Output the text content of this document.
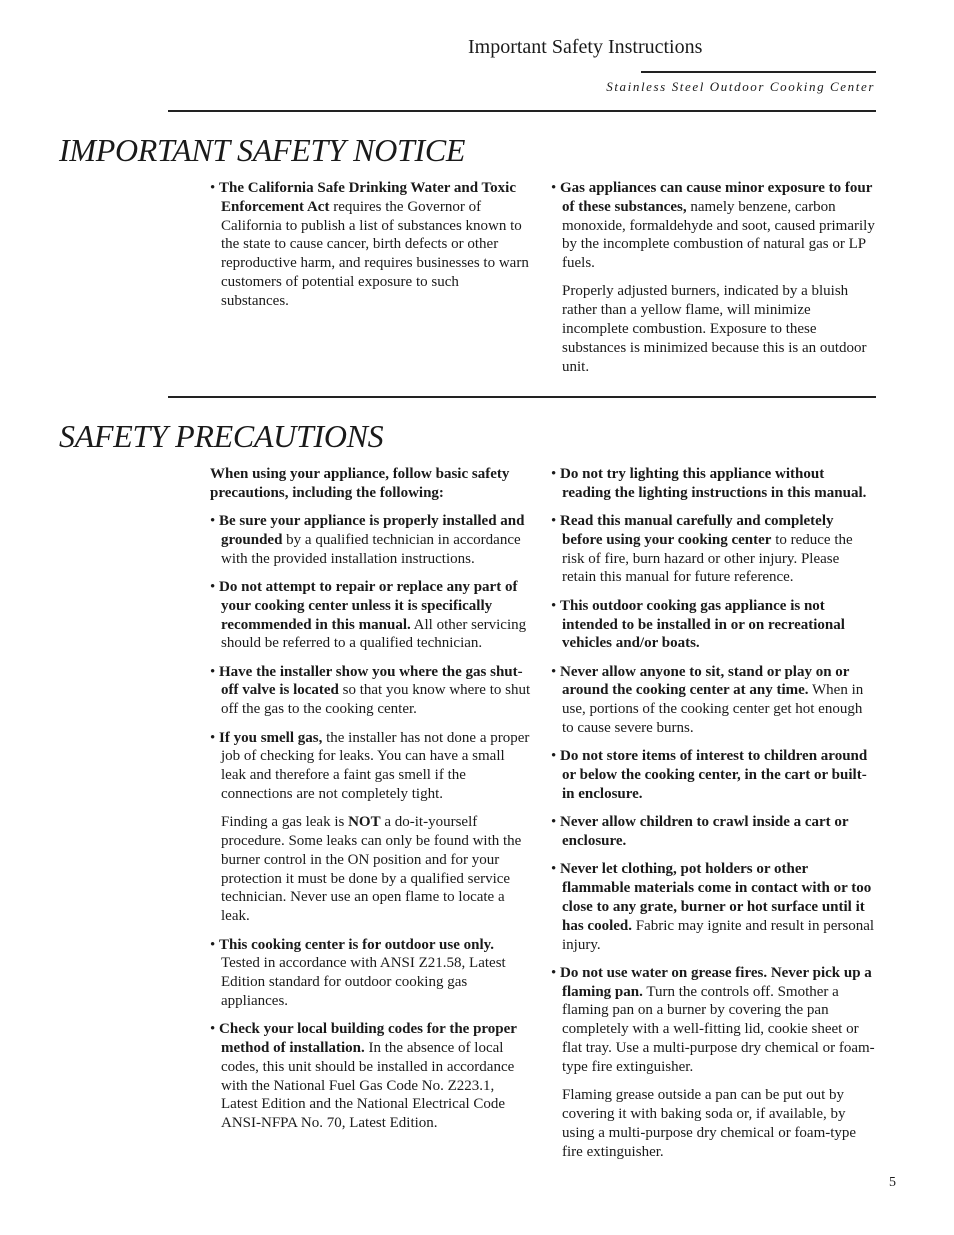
Important Safety Instructions
Stainless Steel Outdoor Cooking Center
IMPORTANT SAFETY NOTICE

• The California Safe Drinking Water and Toxic Enforcement Act requires the Governor of California to publish a list of substances known to the state to cause cancer, birth defects or other reproductive harm, and requires businesses to warn customers of potential exposure to such substances.

• Gas appliances can cause minor exposure to four of these substances, namely benzene, carbon monoxide, formaldehyde and soot, caused primarily by the incomplete combustion of natural gas or LP fuels.

Properly adjusted burners, indicated by a bluish rather than a yellow flame, will minimize incomplete combustion. Exposure to these substances is minimized because this is an outdoor unit.

SAFETY PRECAUTIONS

When using your appliance, follow basic safety precautions, including the following:

• Be sure your appliance is properly installed and grounded by a qualified technician in accordance with the provided installation instructions.

• Do not attempt to repair or replace any part of your cooking center unless it is specifically recommended in this manual. All other servicing should be referred to a qualified technician.

• Have the installer show you where the gas shut-off valve is located so that you know where to shut off the gas to the cooking center.

• If you smell gas, the installer has not done a proper job of checking for leaks. You can have a small leak and therefore a faint gas smell if the connections are not completely tight.

Finding a gas leak is NOT a do-it-yourself procedure. Some leaks can only be found with the burner control in the ON position and for your protection it must be done by a qualified service technician. Never use an open flame to locate a leak.

• This cooking center is for outdoor use only. Tested in accordance with ANSI Z21.58, Latest Edition standard for outdoor cooking gas appliances.

• Check your local building codes for the proper method of installation. In the absence of local codes, this unit should be installed in accordance with the National Fuel Gas Code No. Z223.1, Latest Edition and the National Electrical Code ANSI-NFPA No. 70, Latest Edition.

• Do not try lighting this appliance without reading the lighting instructions in this manual.

• Read this manual carefully and completely before using your cooking center to reduce the risk of fire, burn hazard or other injury. Please retain this manual for future reference.

• This outdoor cooking gas appliance is not intended to be installed in or on recreational vehicles and/or boats.

• Never allow anyone to sit, stand or play on or around the cooking center at any time. When in use, portions of the cooking center get hot enough to cause severe burns.

• Do not store items of interest to children around or below the cooking center, in the cart or built-in enclosure.

• Never allow children to crawl inside a cart or enclosure.

• Never let clothing, pot holders or other flammable materials come in contact with or too close to any grate, burner or hot surface until it has cooled. Fabric may ignite and result in personal injury.

• Do not use water on grease fires. Never pick up a flaming pan. Turn the controls off. Smother a flaming pan on a burner by covering the pan completely with a well-fitting lid, cookie sheet or flat tray. Use a multi-purpose dry chemical or foam-type fire extinguisher.

Flaming grease outside a pan can be put out by covering it with baking soda or, if available, by using a multi-purpose dry chemical or foam-type fire extinguisher.

5
